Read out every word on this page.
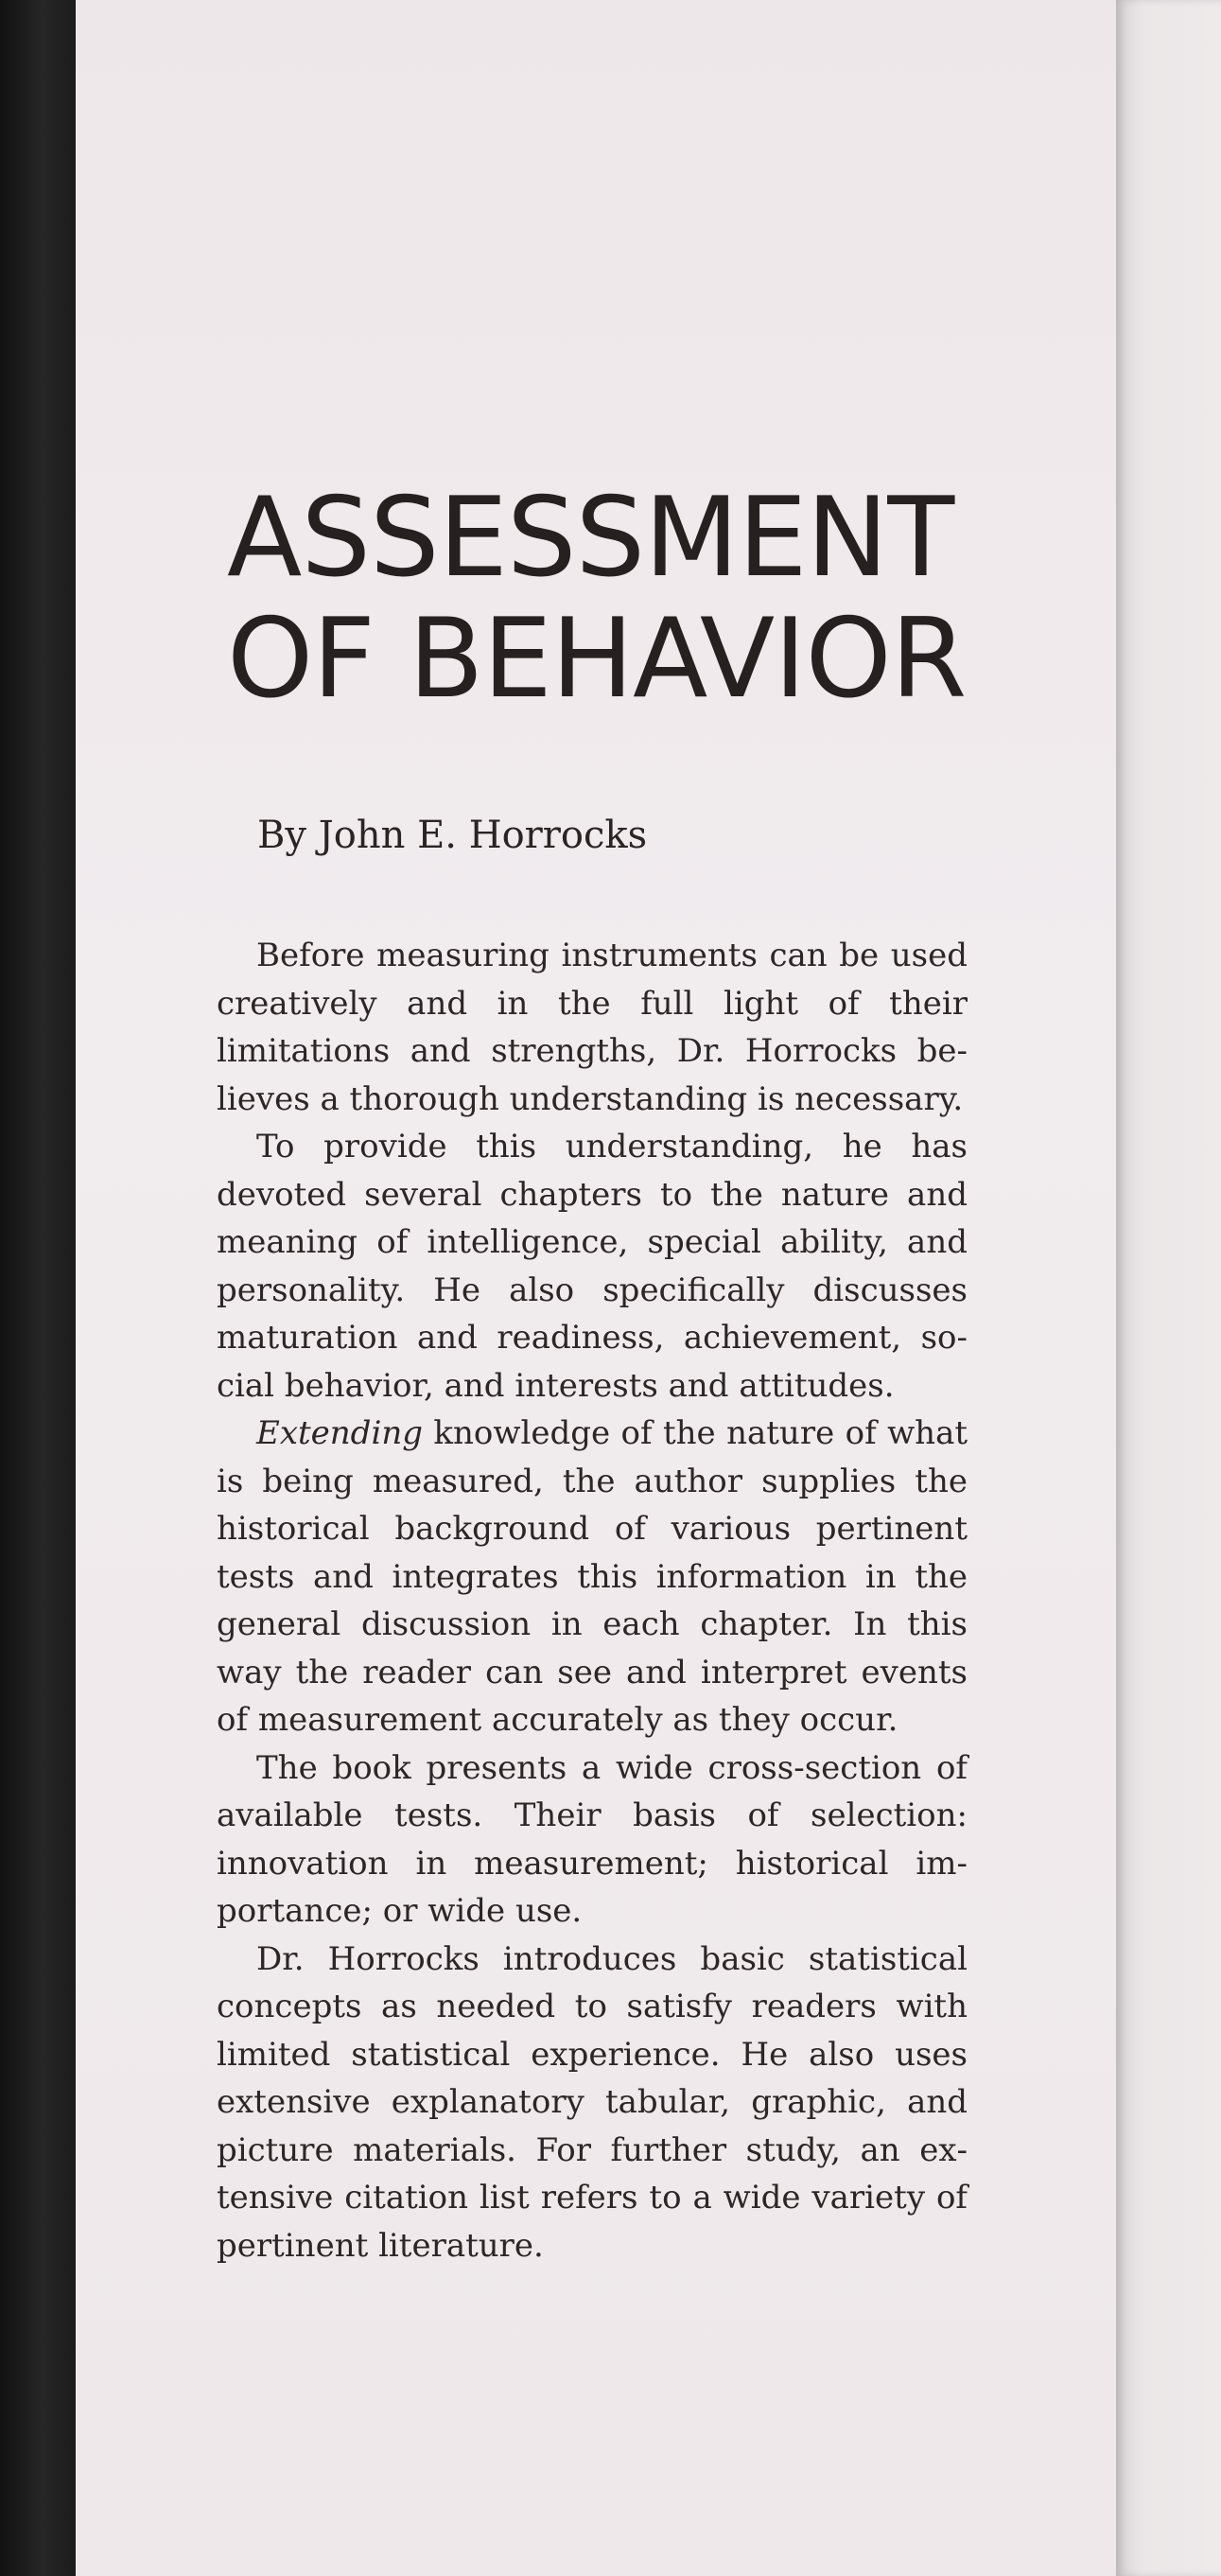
ASSESSMENT
OF BEHAVIOR

By John E. Horrocks

Before measuring instruments can be used creatively and in the full light of their limitations and strengths, Dr. Horrocks believes a thorough understanding is necessary.

To provide this understanding, he has devoted several chapters to the nature and meaning of intelligence, special ability, and personality. He also specifically discusses maturation and readiness, achievement, social behavior, and interests and attitudes.

Extending knowledge of the nature of what is being measured, the author supplies the historical background of various pertinent tests and integrates this information in the general discussion in each chapter. In this way the reader can see and interpret events of measurement accurately as they occur.

The book presents a wide cross-section of available tests. Their basis of selection: innovation in measurement; historical importance; or wide use.

Dr. Horrocks introduces basic statistical concepts as needed to satisfy readers with limited statistical experience. He also uses extensive explanatory tabular, graphic, and picture materials. For further study, an extensive citation list refers to a wide variety of pertinent literature.
